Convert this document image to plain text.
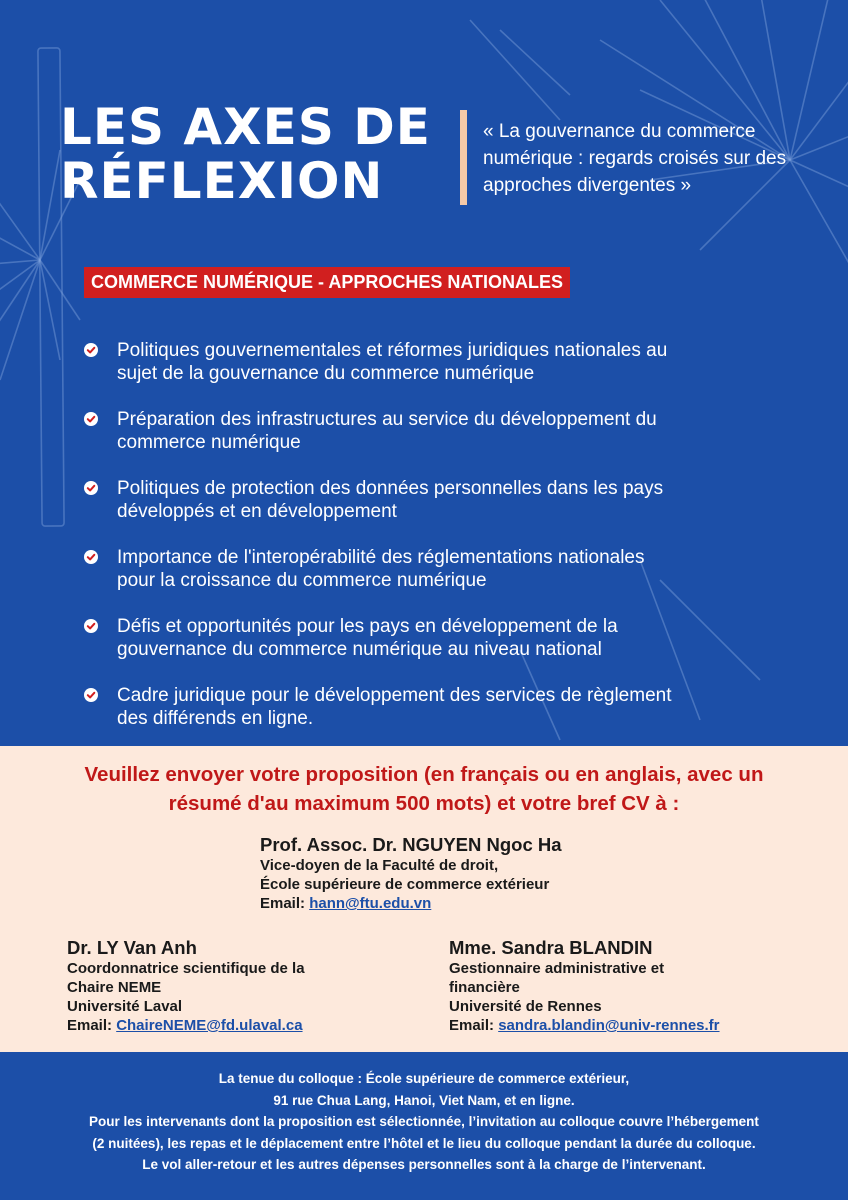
LES AXES DE
RÉFLEXION

« La gouvernance du commerce numérique : regards croisés sur des approches divergentes »

COMMERCE NUMÉRIQUE - APPROCHES NATIONALES
Politiques gouvernementales et réformes juridiques nationales au
sujet de la gouvernance du commerce numérique
Préparation des infrastructures au service du développement du
commerce numérique
Politiques de protection des données personnelles dans les pays
développés et en développement
Importance de l'interopérabilité des réglementations nationales
pour la croissance du commerce numérique
Défis et opportunités pour les pays en développement de la
gouvernance du commerce numérique au niveau national
Cadre juridique pour le développement des services de règlement
des différends en ligne.

Veuillez envoyer votre proposition (en français ou en anglais, avec un
résumé d'au maximum 500 mots) et votre bref CV à :

Prof. Assoc. Dr. NGUYEN Ngoc Ha
Vice-doyen de la Faculté de droit,
École supérieure de commerce extérieur
Email: hann@ftu.edu.vn
Dr. LY Van Anh
Coordonnatrice scientifique de la
Chaire NEME
Université Laval
Email: ChaireNEME@fd.ulaval.ca
Mme. Sandra BLANDIN
Gestionnaire administrative et
financière
Université de Rennes
Email: sandra.blandin@univ-rennes.fr
La tenue du colloque : École supérieure de commerce extérieur,
91 rue Chua Lang, Hanoi, Viet Nam, et en ligne.
Pour les intervenants dont la proposition est sélectionnée, l’invitation au colloque couvre l’hébergement
(2 nuitées), les repas et le déplacement entre l’hôtel et le lieu du colloque pendant la durée du colloque.
Le vol aller-retour et les autres dépenses personnelles sont à la charge de l’intervenant.
